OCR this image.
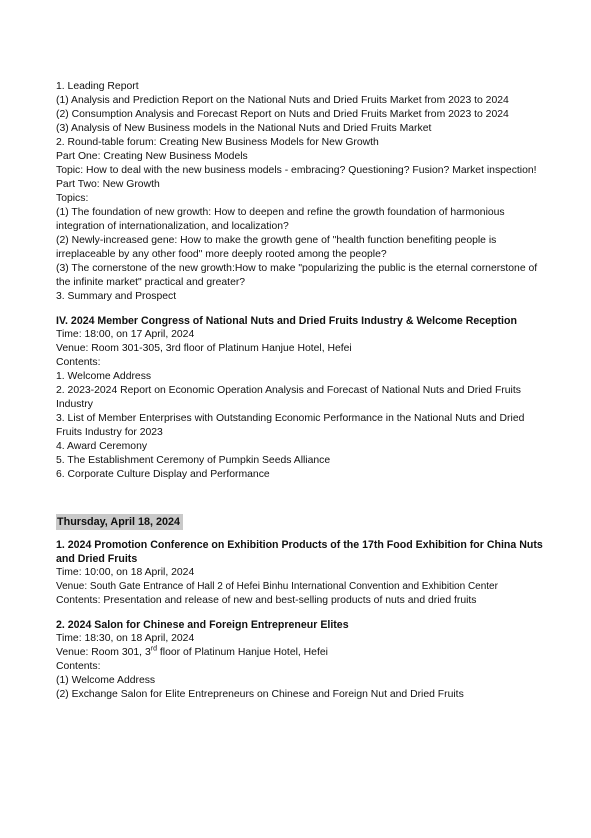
1. Leading Report
(1) Analysis and Prediction Report on the National Nuts and Dried Fruits Market from 2023 to 2024
(2) Consumption Analysis and Forecast Report on Nuts and Dried Fruits Market from 2023 to 2024
(3) Analysis of New Business models in the National Nuts and Dried Fruits Market
2. Round-table forum: Creating New Business Models for New Growth
Part One: Creating New Business Models
Topic: How to deal with the new business models - embracing? Questioning? Fusion? Market inspection!
Part Two: New Growth
Topics:
(1) The foundation of new growth: How to deepen and refine the growth foundation of harmonious integration of internationalization, and localization?
(2) Newly-increased gene: How to make the growth gene of "health function benefiting people is irreplaceable by any other food" more deeply rooted among the people?
(3) The cornerstone of the new growth:How to make "popularizing the public is the eternal cornerstone of the infinite market" practical and greater?
3. Summary and Prospect
IV. 2024 Member Congress of National Nuts and Dried Fruits Industry & Welcome Reception
Time: 18:00, on 17 April, 2024
Venue: Room 301-305, 3rd floor of Platinum Hanjue Hotel, Hefei
Contents:
1. Welcome Address
2. 2023-2024 Report on Economic Operation Analysis and Forecast of National Nuts and Dried Fruits Industry
3. List of Member Enterprises with Outstanding Economic Performance in the National Nuts and Dried Fruits Industry for 2023
4. Award Ceremony
5. The Establishment Ceremony of Pumpkin Seeds Alliance
6. Corporate Culture Display and Performance
Thursday, April 18, 2024
1. 2024 Promotion Conference on Exhibition Products of the 17th Food Exhibition for China Nuts and Dried Fruits
Time: 10:00, on 18 April, 2024
Venue: South Gate Entrance of Hall 2 of Hefei Binhu International Convention and Exhibition Center
Contents: Presentation and release of new and best-selling products of nuts and dried fruits
2. 2024 Salon for Chinese and Foreign Entrepreneur Elites
Time: 18:30, on 18 April, 2024
Venue: Room 301, 3rd floor of Platinum Hanjue Hotel, Hefei
Contents:
(1) Welcome Address
(2) Exchange Salon for Elite Entrepreneurs on Chinese and Foreign Nut and Dried Fruits
